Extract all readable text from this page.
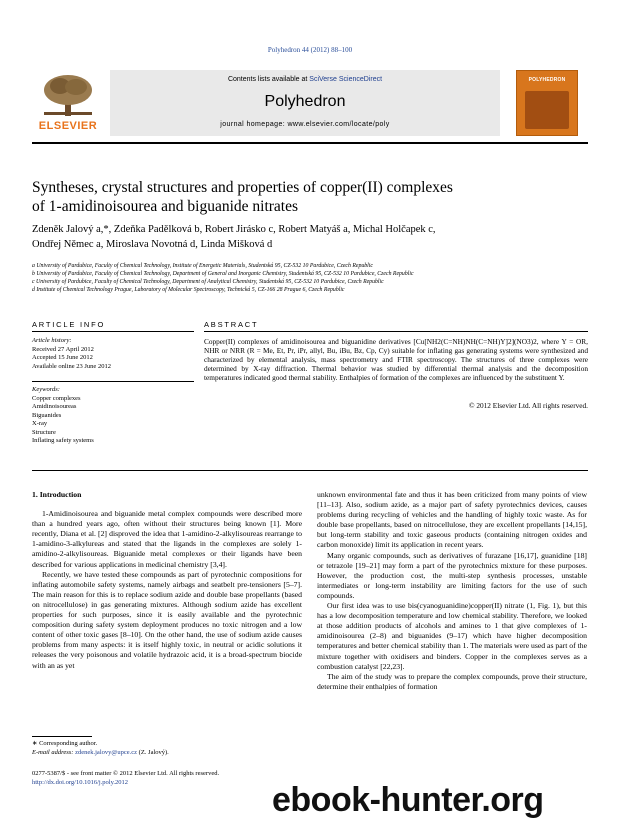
Polyhedron 44 (2012) 88–100
ELSEVIER
Contents lists available at SciVerse ScienceDirect
Polyhedron
journal homepage: www.elsevier.com/locate/poly
POLYHEDRON
Syntheses, crystal structures and properties of copper(II) complexes
of 1-amidinoisourea and biguanide nitrates
Zdeněk Jalový a,*, Zdeňka Padělková b, Robert Jirásko c, Robert Matyáš a, Michal Holčapek c,
Ondřej Němec a, Miroslava Novotná d, Linda Mišková d
a University of Pardubice, Faculty of Chemical Technology, Institute of Energetic Materials, Studentská 95, CZ-532 10 Pardubice, Czech Republic
b University of Pardubice, Faculty of Chemical Technology, Department of General and Inorganic Chemistry, Studentská 95, CZ-532 10 Pardubice, Czech Republic
c University of Pardubice, Faculty of Chemical Technology, Department of Analytical Chemistry, Studentská 95, CZ-532 10 Pardubice, Czech Republic
d Institute of Chemical Technology Prague, Laboratory of Molecular Spectroscopy, Technická 5, CZ-166 28 Prague 6, Czech Republic
ARTICLE INFO	ABSTRACT
Article history:
Received 27 April 2012
Accepted 15 June 2012
Available online 23 June 2012
Keywords:
Copper complexes
Amidinoisoureas
Biguanides
X-ray
Structure
Inflating safety systems
Copper(II) complexes of amidinoisourea and biguanidine derivatives [Cu[NH2(C=NH)NH(C=NH)Y]2](NO3)2, where Y = OR, NHR or NRR (R = Me, Et, Pr, iPr, allyl, Bu, iBu, Bz, Cp, Cy) suitable for inflating gas generating systems were synthesized and characterized by elemental analysis, mass spectrometry and FTIR spectroscopy. The structures of three complexes were determined by X-ray diffraction. Thermal behavior was studied by differential thermal analysis and the decomposition temperatures indicated good thermal stability. Enthalpies of formation of the complexes are influenced by the substituent Y.
© 2012 Elsevier Ltd. All rights reserved.
1. Introduction

1-Amidinoisourea and biguanide metal complex compounds were described more than a hundred years ago, often without their structures being known [1]. More recently, Diana et al. [2] disproved the idea that 1-amidino-2-alkylisoureas rearrange to 1-amidino-3-alkylureas and stated that the ligands in the complexes are solely 1-amidino-2-alkylisoureas. Biguanide metal complexes or their ligands have been described for various applications in medicinal chemistry [3,4].

Recently, we have tested these compounds as part of pyrotechnic compositions for inflating automobile safety systems, namely airbags and seatbelt pre-tensioners [5–7]. The main reason for this is to replace sodium azide and double base propellants (based on nitrocellulose) in gas generating mixtures. Although sodium azide has excellent properties for such purposes, since it is easily available and the pyrotechnic composition during safety system deployment produces no toxic nitrogen and a low content of other toxic gases [8–10]. On the other hand, the use of sodium azide causes problems from many aspects: it is itself highly toxic, in neutral or acidic solutions it releases the very poisonous and volatile hydrazoic acid, it is a broad-spectrum biocide with an as yet

unknown environmental fate and thus it has been criticized from many points of view [11–13]. Also, sodium azide, as a major part of safety pyrotechnics devices, causes problems during recycling of vehicles and the handling of highly toxic waste. As for double base propellants, based on nitrocellulose, they are excellent propellants [14,15], but long-term stability and toxic gaseous products (containing nitrogen oxides and carbon monoxide) limit its application in recent years.

Many organic compounds, such as derivatives of furazane [16,17], guanidine [18] or tetrazole [19–21] may form a part of the pyrotechnics mixture for these purposes. However, the production cost, the multi-step synthesis processes, unstable intermediates or long-term instability are limiting factors for the use of such compounds.

Our first idea was to use bis(cyanoguanidine)copper(II) nitrate (1, Fig. 1), but this has a low decomposition temperature and low chemical stability. Therefore, we looked at those addition products of alcohols and amines to 1 that give complexes of 1-amidinoisourea (2–8) and biguanides (9–17) which have higher decomposition temperatures and better chemical stability than 1. The materials were used as part of the mixture together with oxidisers and binders. Copper in the complexes serves as a combustion catalyst [22,23].

The aim of the study was to prepare the complex compounds, prove their structure, determine their enthalpies of formation

∗ Corresponding author.
E-mail address: zdenek.jalovy@upce.cz (Z. Jalový).
0277-5387/$ - see front matter © 2012 Elsevier Ltd. All rights reserved.
http://dx.doi.org/10.1016/j.poly.2012	ebook-hunter.org
